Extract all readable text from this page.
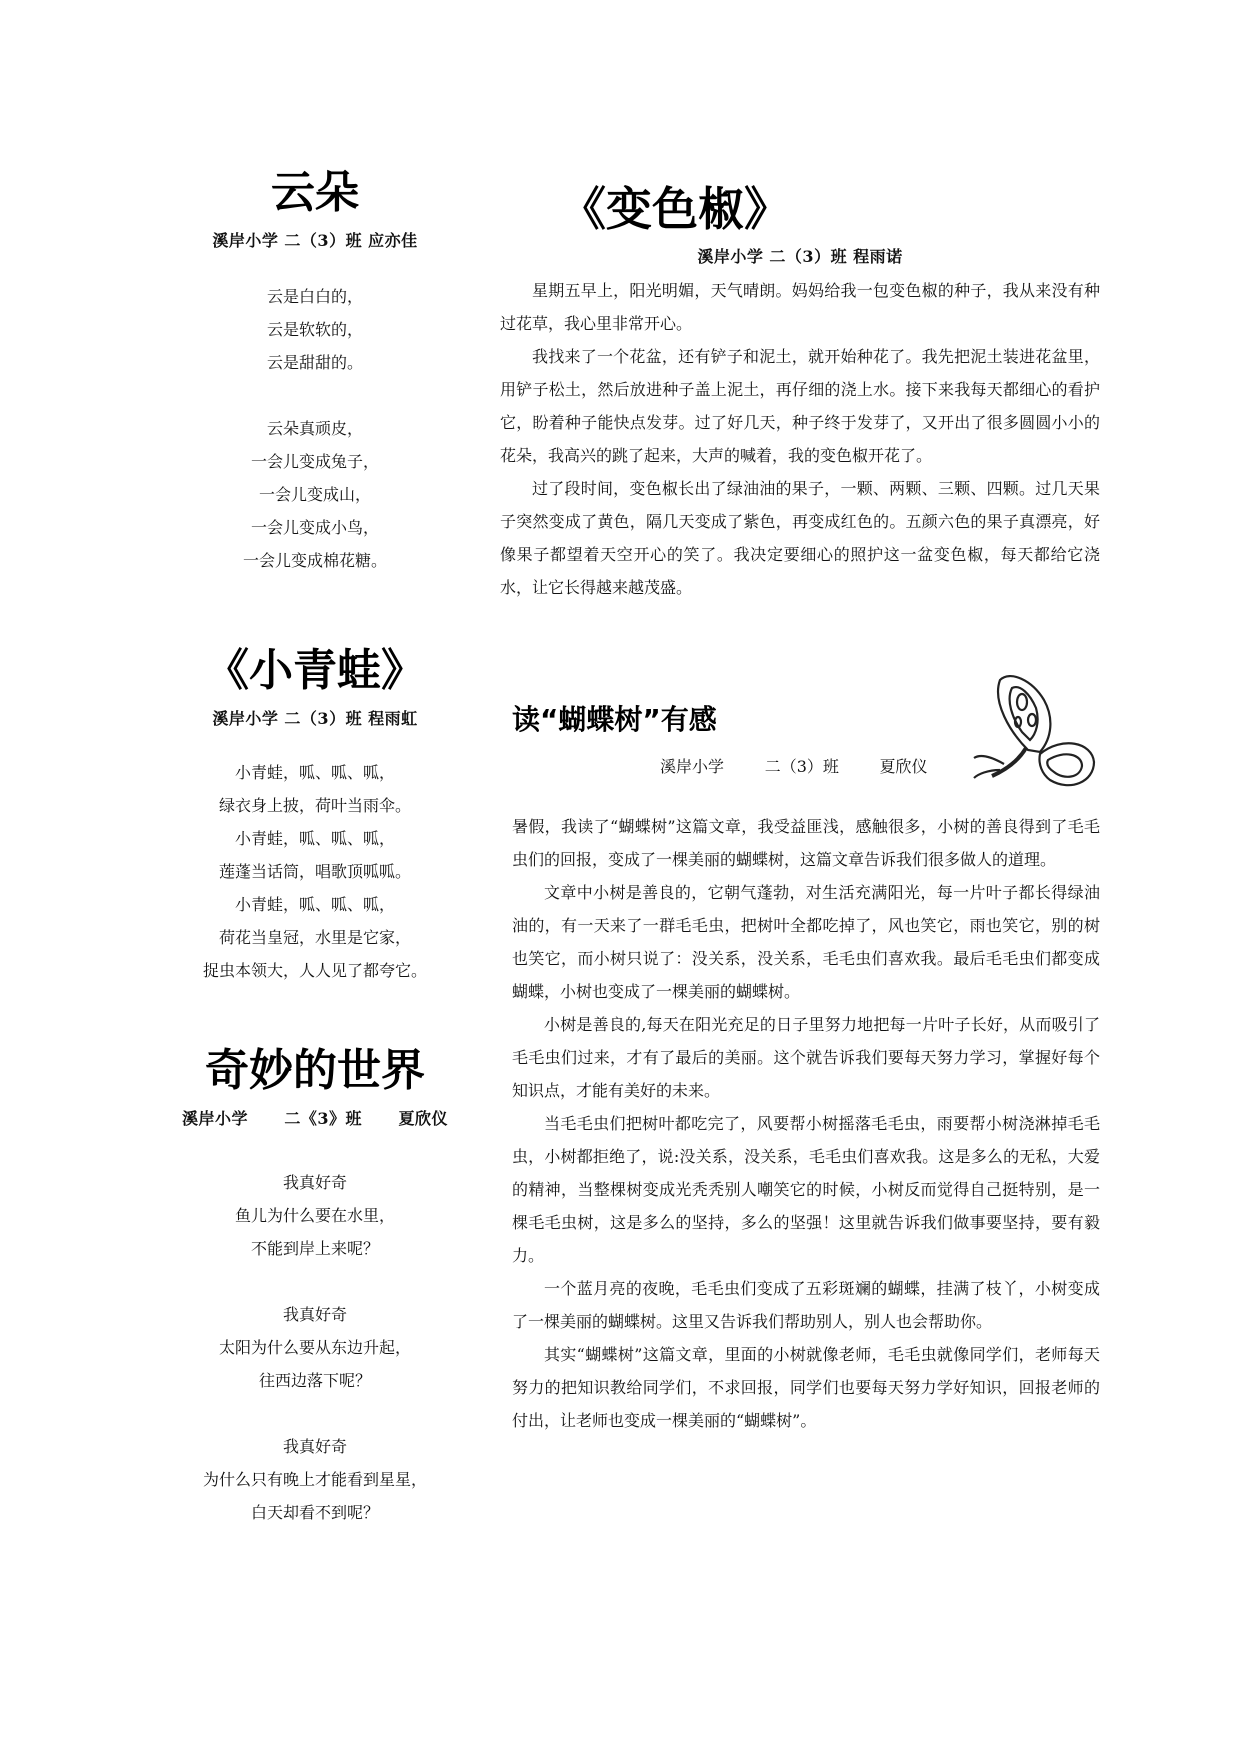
云朵
溪岸小学 二（3）班 应亦佳
云是白白的，
云是软软的，
云是甜甜的。
云朵真顽皮，
一会儿变成兔子，
一会儿变成山，
一会儿变成小鸟，
一会儿变成棉花糖。
《小青蛙》
溪岸小学 二（3）班 程雨虹
小青蛙，呱、呱、呱，
绿衣身上披，荷叶当雨伞。
小青蛙，呱、呱、呱，
莲蓬当话筒，唱歌顶呱呱。
小青蛙，呱、呱、呱，
荷花当皇冠，水里是它家，
捉虫本领大，人人见了都夸它。
奇妙的世界
溪岸小学      二《3》班      夏欣仪
我真好奇
鱼儿为什么要在水里，
不能到岸上来呢？
我真好奇
太阳为什么要从东边升起，
往西边落下呢？
我真好奇
为什么只有晚上才能看到星星，
白天却看不到呢？
《变色椒》
溪岸小学 二（3）班 程雨诺

星期五早上，阳光明媚，天气晴朗。妈妈给我一包变色椒的种子，我从来没有种过花草，我心里非常开心。

我找来了一个花盆，还有铲子和泥土，就开始种花了。我先把泥土装进花盆里，用铲子松土，然后放进种子盖上泥土，再仔细的浇上水。接下来我每天都细心的看护它，盼着种子能快点发芽。过了好几天，种子终于发芽了，又开出了很多圆圆小小的花朵，我高兴的跳了起来，大声的喊着，我的变色椒开花了。

过了段时间，变色椒长出了绿油油的果子，一颗、两颗、三颗、四颗。过几天果子突然变成了黄色，隔几天变成了紫色，再变成红色的。五颜六色的果子真漂亮，好像果子都望着天空开心的笑了。我决定要细心的照护这一盆变色椒，每天都给它浇水，让它长得越来越茂盛。

读“蝴蝶树”有感
溪岸小学        二（3）班        夏欣仪

暑假，我读了“蝴蝶树”这篇文章，我受益匪浅，感触很多，小树的善良得到了毛毛虫们的回报，变成了一棵美丽的蝴蝶树，这篇文章告诉我们很多做人的道理。

文章中小树是善良的，它朝气蓬勃，对生活充满阳光，每一片叶子都长得绿油油的，有一天来了一群毛毛虫，把树叶全都吃掉了，风也笑它，雨也笑它，别的树也笑它，而小树只说了：没关系，没关系，毛毛虫们喜欢我。最后毛毛虫们都变成蝴蝶，小树也变成了一棵美丽的蝴蝶树。

小树是善良的,每天在阳光充足的日子里努力地把每一片叶子长好，从而吸引了毛毛虫们过来，才有了最后的美丽。这个就告诉我们要每天努力学习，掌握好每个知识点，才能有美好的未来。

当毛毛虫们把树叶都吃完了，风要帮小树摇落毛毛虫，雨要帮小树浇淋掉毛毛虫，小树都拒绝了，说:没关系，没关系，毛毛虫们喜欢我。这是多么的无私，大爱的精神，当整棵树变成光秃秃别人嘲笑它的时候，小树反而觉得自己挺特别，是一棵毛毛虫树，这是多么的坚持，多么的坚强！这里就告诉我们做事要坚持，要有毅力。

一个蓝月亮的夜晚，毛毛虫们变成了五彩斑斓的蝴蝶，挂满了枝丫，小树变成了一棵美丽的蝴蝶树。这里又告诉我们帮助别人，别人也会帮助你。

其实“蝴蝶树”这篇文章，里面的小树就像老师，毛毛虫就像同学们，老师每天努力的把知识教给同学们，不求回报，同学们也要每天努力学好知识，回报老师的付出，让老师也变成一棵美丽的“蝴蝶树”。
